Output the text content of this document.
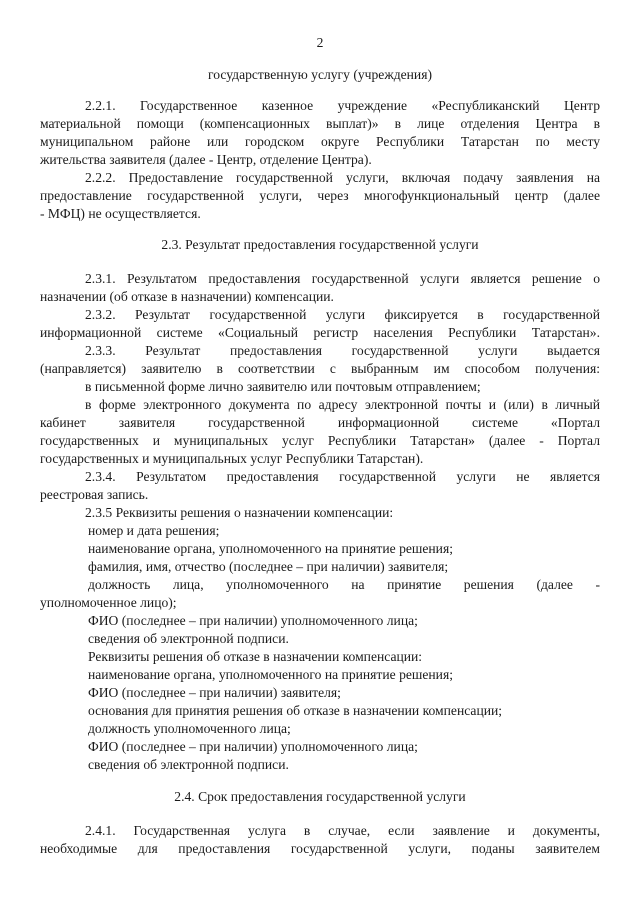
2
государственную услугу (учреждения)
2.2.1. Государственное казенное учреждение «Республиканский Центр
материальной помощи (компенсационных выплат)» в лице отделения Центра в
муниципальном районе или городском округе Республики Татарстан по месту
жительства заявителя (далее - Центр, отделение Центра).
2.2.2. Предоставление государственной услуги, включая подачу заявления на
предоставление государственной услуги, через многофункциональный центр (далее
- МФЦ) не осуществляется.
2.3. Результат предоставления государственной услуги
2.3.1. Результатом предоставления государственной услуги является решение о
назначении (об отказе в назначении) компенсации.
2.3.2. Результат государственной услуги фиксируется в государственной
информационной системе «Социальный регистр населения Республики Татарстан».
2.3.3. Результат предоставления государственной услуги выдается
(направляется) заявителю в соответствии с выбранным им способом получения:
в письменной форме лично заявителю или почтовым отправлением;
в форме электронного документа по адресу электронной почты и (или) в личный
кабинет заявителя государственной информационной системе «Портал
государственных и муниципальных услуг Республики Татарстан» (далее - Портал
государственных и муниципальных услуг Республики Татарстан).
2.3.4. Результатом предоставления государственной услуги не является
реестровая запись.
2.3.5 Реквизиты решения о назначении компенсации:
номер и дата решения;
наименование органа, уполномоченного на принятие решения;
фамилия, имя, отчество (последнее – при наличии) заявителя;
должность лица, уполномоченного на принятие решения (далее -
уполномоченное лицо);
ФИО (последнее – при наличии) уполномоченного лица;
сведения об электронной подписи.
Реквизиты решения об отказе в назначении компенсации:
наименование органа, уполномоченного на принятие решения;
ФИО (последнее – при наличии) заявителя;
основания для принятия решения об отказе в назначении компенсации;
должность уполномоченного лица;
ФИО (последнее – при наличии) уполномоченного лица;
сведения об электронной подписи.
2.4. Срок предоставления государственной услуги
2.4.1. Государственная услуга в случае, если заявление и документы,
необходимые для предоставления государственной услуги, поданы заявителем
